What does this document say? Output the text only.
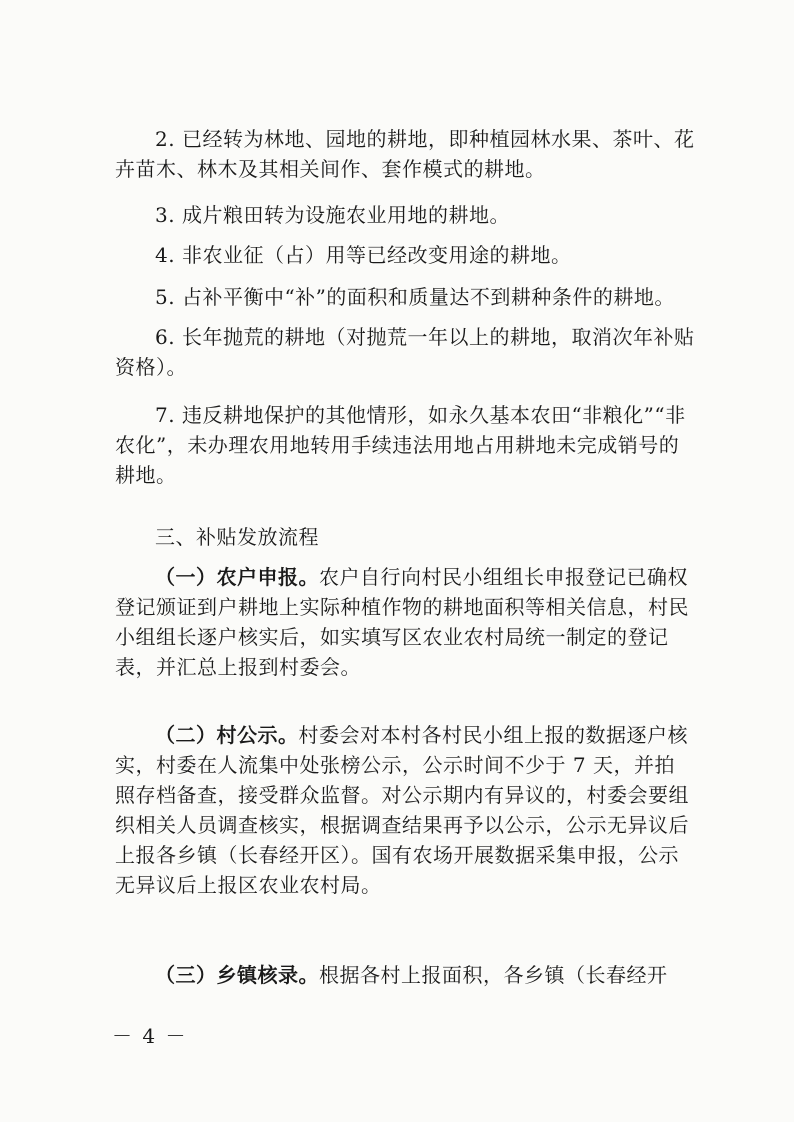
2. 已经转为林地、园地的耕地，即种植园林水果、茶叶、花卉苗木、林木及其相关间作、套作模式的耕地。

3. 成片粮田转为设施农业用地的耕地。

4. 非农业征（占）用等已经改变用途的耕地。

5. 占补平衡中“补”的面积和质量达不到耕种条件的耕地。

6. 长年抛荒的耕地（对抛荒一年以上的耕地，取消次年补贴资格）。

7. 违反耕地保护的其他情形，如永久基本农田“非粮化”“非农化”，未办理农用地转用手续违法用地占用耕地未完成销号的耕地。

三、补贴发放流程

（一）农户申报。农户自行向村民小组组长申报登记已确权登记颁证到户耕地上实际种植作物的耕地面积等相关信息，村民小组组长逐户核实后，如实填写区农业农村局统一制定的登记表，并汇总上报到村委会。

（二）村公示。村委会对本村各村民小组上报的数据逐户核实，村委在人流集中处张榜公示，公示时间不少于 7 天，并拍照存档备查，接受群众监督。对公示期内有异议的，村委会要组织相关人员调查核实，根据调查结果再予以公示，公示无异议后上报各乡镇（长春经开区）。国有农场开展数据采集申报，公示无异议后上报区农业农村局。

（三）乡镇核录。根据各村上报面积，各乡镇（长春经开

－ 4 －
